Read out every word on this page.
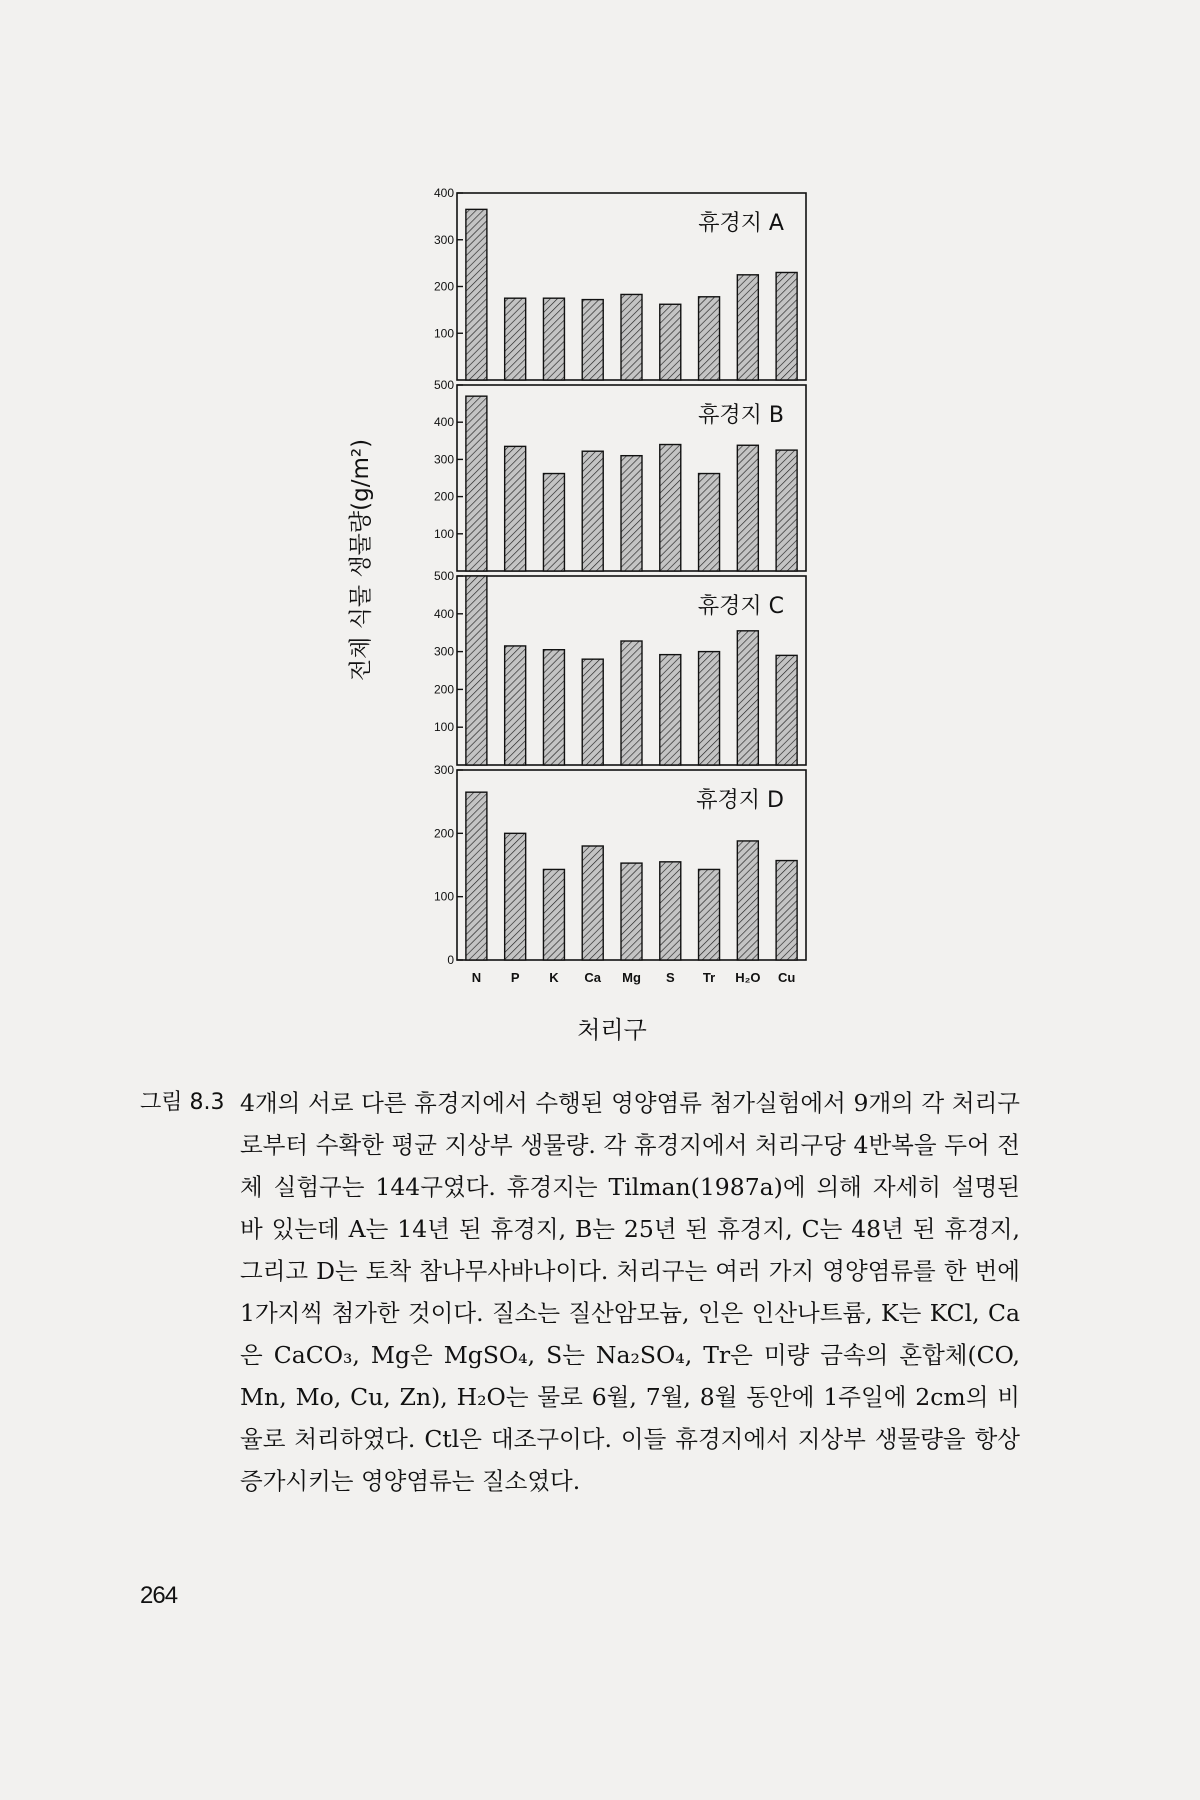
100
200
300
400
휴경지 A
100
200
300
400
500
휴경지 B
100
200
300
400
500
휴경지 C
0
100
200
300
휴경지 D
N P K Ca Mg S Tr H₂O Cu
전체 식물 생물량(g/m²)
처리구
그림 8.3 4개의 서로 다른 휴경지에서 수행된 영양염류 첨가실험에서 9개의 각 처리구로부터 수확한 평균 지상부 생물량. 각 휴경지에서 처리구당 4반복을 두어 전체 실험구는 144구였다. 휴경지는 Tilman(1987a)에 의해 자세히 설명된 바 있는데 A는 14년 된 휴경지, B는 25년 된 휴경지, C는 48년 된 휴경지, 그리고 D는 토착 참나무사바나이다. 처리구는 여러 가지 영양염류를 한 번에 1가지씩 첨가한 것이다. 질소는 질산암모늄, 인은 인산나트륨, K는 KCl, Ca은 CaCO₃, Mg은 MgSO₄, S는 Na₂SO₄, Tr은 미량 금속의 혼합체(CO, Mn, Mo, Cu, Zn), H₂O는 물로 6월, 7월, 8월 동안에 1주일에 2cm의 비율로 처리하였다. Ctl은 대조구이다. 이들 휴경지에서 지상부 생물량을 항상 증가시키는 영양염류는 질소였다.
264
